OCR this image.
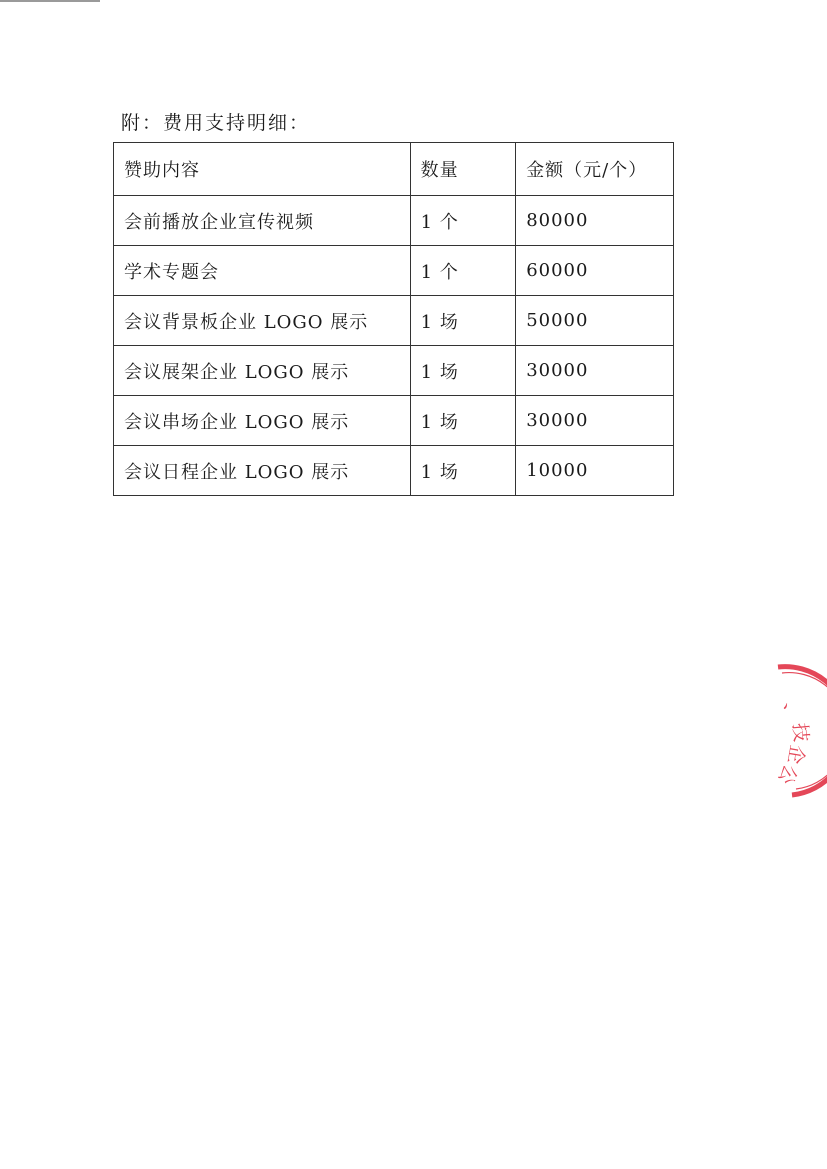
附：费用支持明细：
赞助内容	数量	金额（元/个）
会前播放企业宣传视频	1 个	80000
学术专题会	1 个	60000
会议背景板企业 LOGO 展示	1 场	50000
会议展架企业 LOGO 展示	1 场	30000
会议串场企业 LOGO 展示	1 场	30000
会议日程企业 LOGO 展示	1 场	10000
、
技
企
公
